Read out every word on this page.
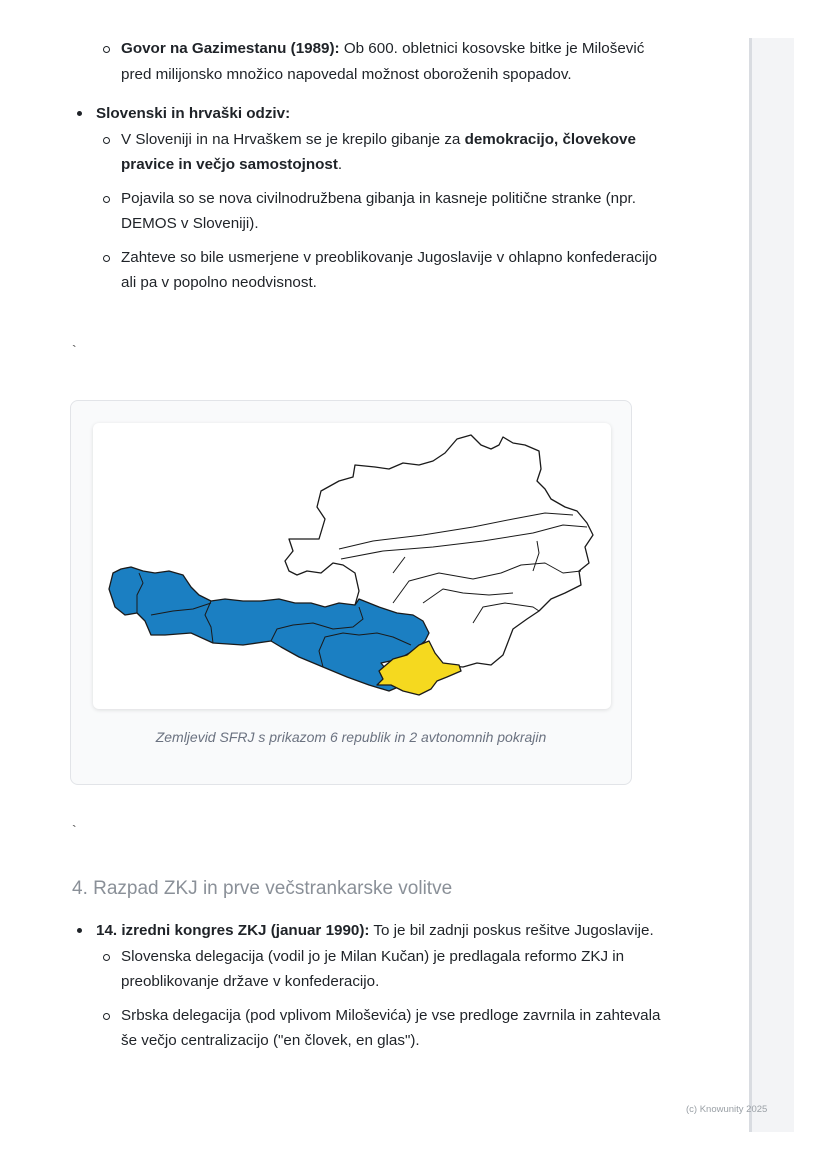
Govor na Gazimestanu (1989): Ob 600. obletnici kosovske bitke je Milošević pred milijonsko množico napovedal možnost oboroženih spopadov.
Slovenski in hrvaški odziv:
V Sloveniji in na Hrvaškem se je krepilo gibanje za demokracijo, človekove pravice in večjo samostojnost.
Pojavila so se nova civilnodružbena gibanja in kasneje politične stranke (npr. DEMOS v Sloveniji).
Zahteve so bile usmerjene v preoblikovanje Jugoslavije v ohlapno konfederacijo ali pa v popolno neodvisnost.
`
Zemljevid SFRJ s prikazom 6 republik in 2 avtonomnih pokrajin
`
4. Razpad ZKJ in prve večstrankarske volitve
14. izredni kongres ZKJ (januar 1990): To je bil zadnji poskus rešitve Jugoslavije.
Slovenska delegacija (vodil jo je Milan Kučan) je predlagala reformo ZKJ in preoblikovanje države v konfederacijo.
Srbska delegacija (pod vplivom Miloševića) je vse predloge zavrnila in zahtevala še večjo centralizacijo ("en človek, en glas").
(c) Knowunity 2025
